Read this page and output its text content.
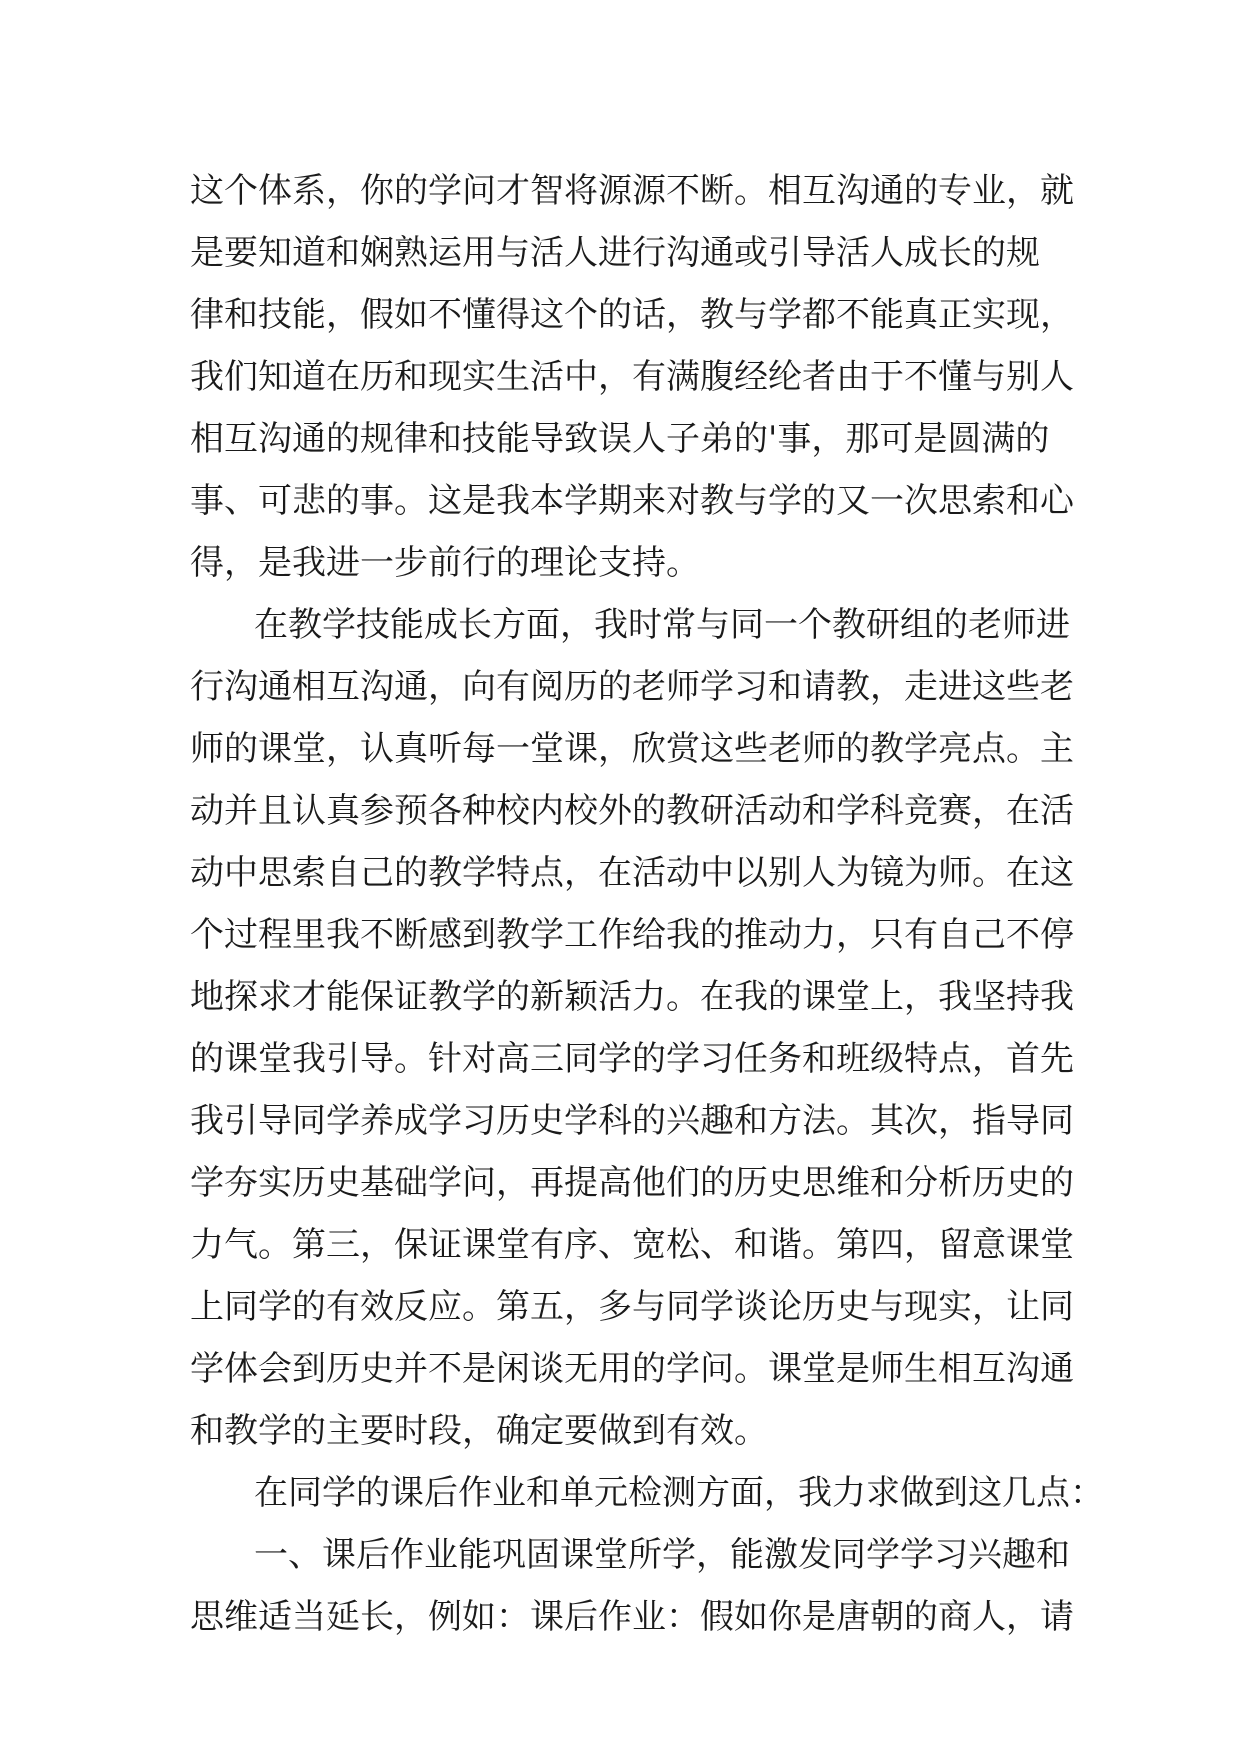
这个体系，你的学问才智将源源不断。相互沟通的专业，就
是要知道和娴熟运用与活人进行沟通或引导活人成长的规
律和技能，假如不懂得这个的话，教与学都不能真正实现，
我们知道在历和现实生活中，有满腹经纶者由于不懂与别人
相互沟通的规律和技能导致误人子弟的'事，那可是圆满的
事、可悲的事。这是我本学期来对教与学的又一次思索和心
得，是我进一步前行的理论支持。
在教学技能成长方面，我时常与同一个教研组的老师进
行沟通相互沟通，向有阅历的老师学习和请教，走进这些老
师的课堂，认真听每一堂课，欣赏这些老师的教学亮点。主
动并且认真参预各种校内校外的教研活动和学科竞赛，在活
动中思索自己的教学特点，在活动中以别人为镜为师。在这
个过程里我不断感到教学工作给我的推动力，只有自己不停
地探求才能保证教学的新颖活力。在我的课堂上，我坚持我
的课堂我引导。针对高三同学的学习任务和班级特点，首先
我引导同学养成学习历史学科的兴趣和方法。其次，指导同
学夯实历史基础学问，再提高他们的历史思维和分析历史的
力气。第三，保证课堂有序、宽松、和谐。第四，留意课堂
上同学的有效反应。第五，多与同学谈论历史与现实，让同
学体会到历史并不是闲谈无用的学问。课堂是师生相互沟通
和教学的主要时段，确定要做到有效。
在同学的课后作业和单元检测方面，我力求做到这几点：
一、课后作业能巩固课堂所学，能激发同学学习兴趣和
思维适当延长，例如：课后作业：假如你是唐朝的商人，请
